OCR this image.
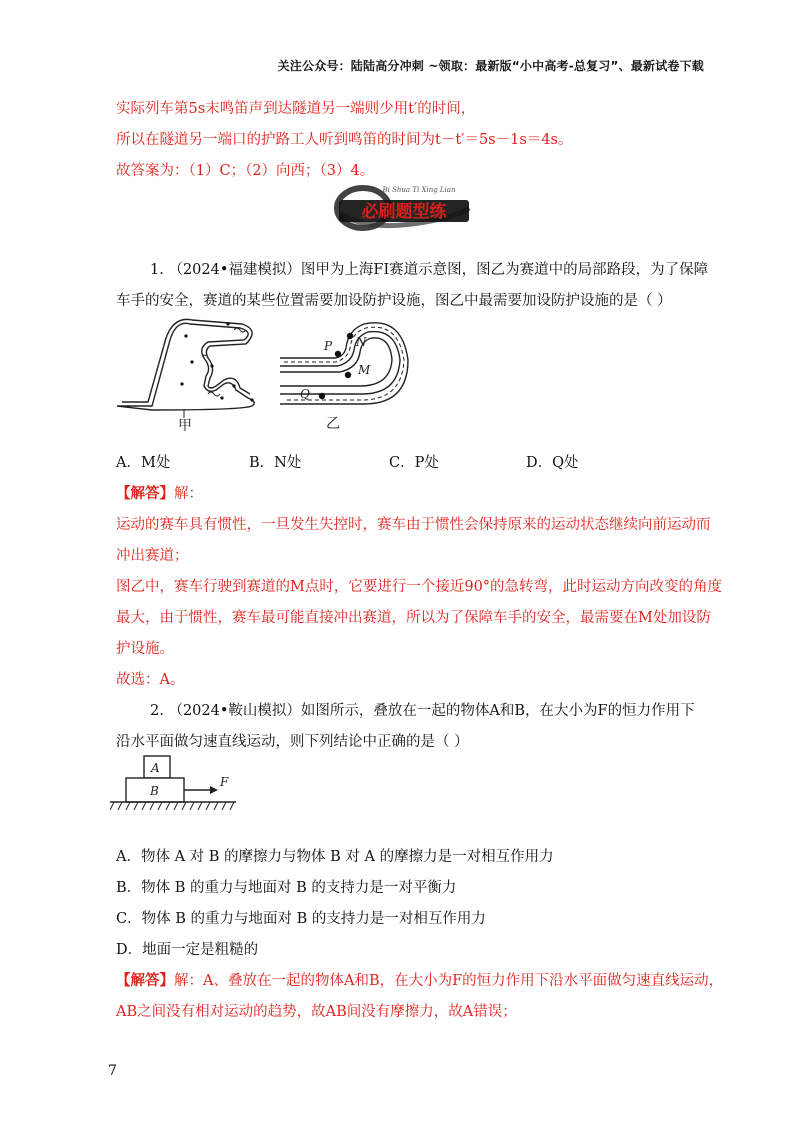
关注公众号：陆陆高分冲刺 ~领取：最新版“小中高考-总复习”、最新试卷下载
实际列车第5s末鸣笛声到达隧道另一端则少用t′的时间，
所以在隧道另一端口的护路工人听到鸣笛的时间为t－t′＝5s－1s＝4s。
故答案为：（1）C；（2）向西；（3）4。
必刷题型练
Bi Shua Ti Xing Lian
1. （2024•福建模拟）图甲为上海FI赛道示意图，图乙为赛道中的局部路段，为了保障
车手的安全，赛道的某些位置需要加设防护设施，图乙中最需要加设防护设施的是（ ）
甲
P N
M
Q
乙
A．M处	B．N处	C．P处	D．Q处
【解答】解：
运动的赛车具有惯性，一旦发生失控时，赛车由于惯性会保持原来的运动状态继续向前运动而
冲出赛道；
图乙中，赛车行驶到赛道的M点时，它要进行一个接近90°的急转弯，此时运动方向改变的角度
最大，由于惯性，赛车最可能直接冲出赛道，所以为了保障车手的安全，最需要在M处加设防
护设施。
故选：A。
2. （2024•鞍山模拟）如图所示，叠放在一起的物体A和B，在大小为F的恒力作用下
沿水平面做匀速直线运动，则下列结论中正确的是（ ）
A
B
F
A．物体 A 对 B 的摩擦力与物体 B 对 A 的摩擦力是一对相互作用力
B．物体 B 的重力与地面对 B 的支持力是一对平衡力
C．物体 B 的重力与地面对 B 的支持力是一对相互作用力
D．地面一定是粗糙的
【解答】解：A、叠放在一起的物体A和B，在大小为F的恒力作用下沿水平面做匀速直线运动，
AB之间没有相对运动的趋势，故AB间没有摩擦力，故A错误；
7
